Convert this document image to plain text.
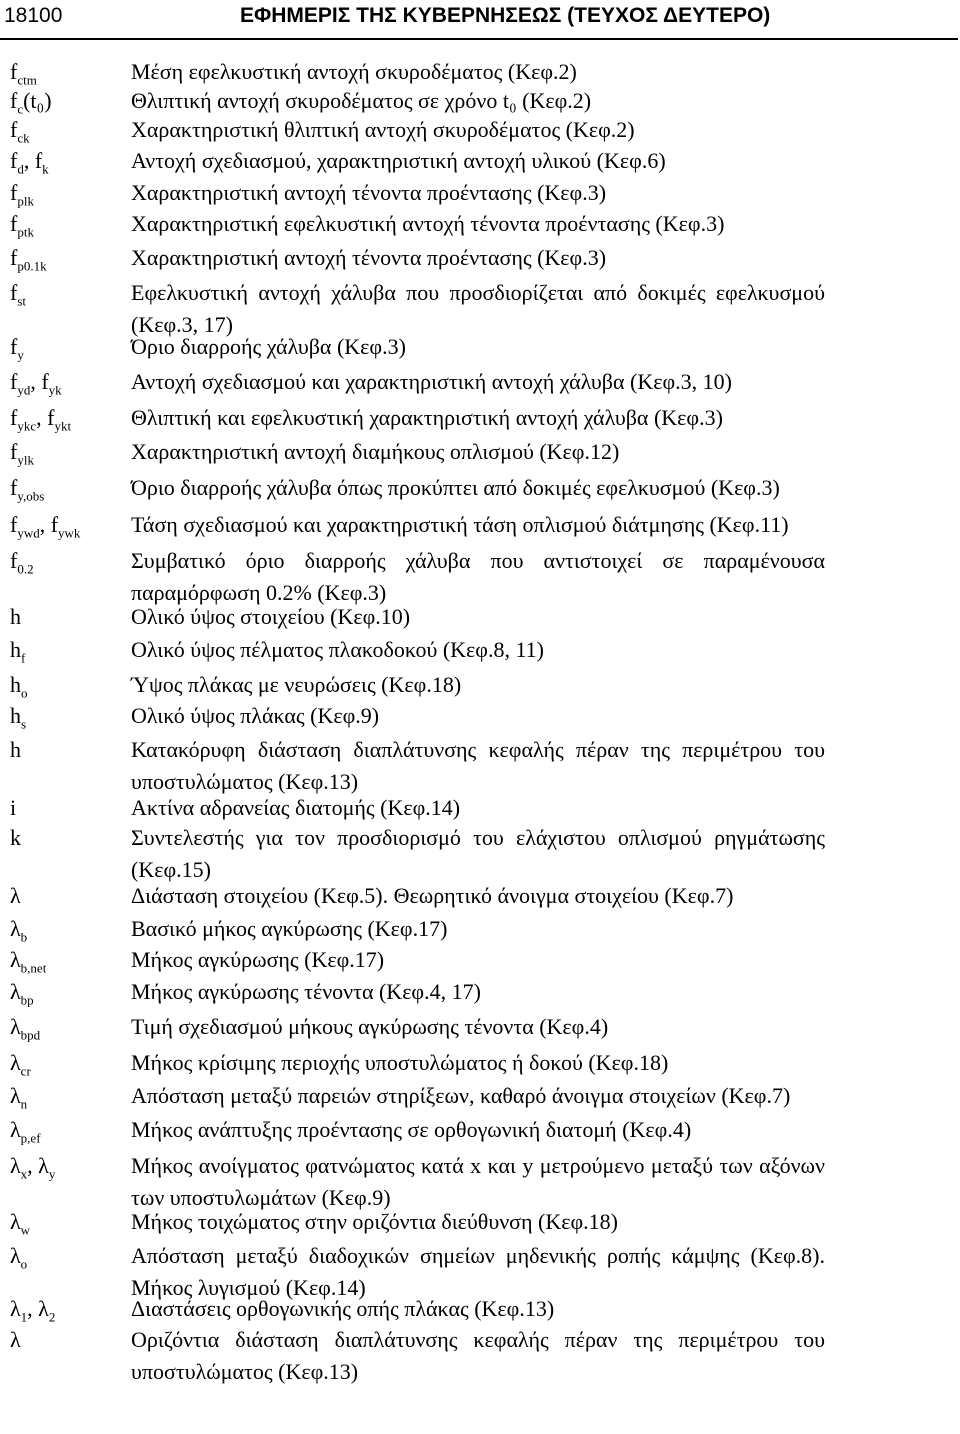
18100	ΕΦΗΜΕΡΙΣ ΤΗΣ ΚΥΒΕΡΝΗΣΕΩΣ (ΤΕΥΧΟΣ ΔΕΥΤΕΡΟ)
$f_{ctm}$	Μέση εφελκυστική αντοχή σκυροδέματος (Κεφ.2)
$f_c(t_0)$	Θλιπτική αντοχή σκυροδέματος σε χρόνο t₀ (Κεφ.2)
$f_{ck}$	Χαρακτηριστική θλιπτική αντοχή σκυροδέματος (Κεφ.2)
$f_d$, $f_k$	Αντοχή σχεδιασμού, χαρακτηριστική αντοχή υλικού (Κεφ.6)
$f_{plk}$	Χαρακτηριστική αντοχή τένοντα προέντασης (Κεφ.3)
$f_{ptk}$	Χαρακτηριστική εφελκυστική αντοχή τένοντα προέντασης (Κεφ.3)
$f_{p0.1k}$	Χαρακτηριστική αντοχή τένοντα προέντασης (Κεφ.3)
$f_{st}$	Εφελκυστική αντοχή χάλυβα που προσδιορίζεται από δοκιμές εφελκυσμού (Κεφ.3, 17)
$f_y$	Όριο διαρροής χάλυβα (Κεφ.3)
$f_{yd}$, $f_{yk}$	Αντοχή σχεδιασμού και χαρακτηριστική αντοχή χάλυβα (Κεφ.3, 10)
$f_{ykc}$, $f_{ykt}$	Θλιπτική και εφελκυστική χαρακτηριστική αντοχή χάλυβα (Κεφ.3)
$f_{ylk}$	Χαρακτηριστική αντοχή διαμήκους οπλισμού (Κεφ.12)
$f_{y,obs}$	Όριο διαρροής χάλυβα όπως προκύπτει από δοκιμές εφελκυσμού (Κεφ.3)
$f_{ywd}$, $f_{ywk}$ Τάση σχεδιασμού και χαρακτηριστική τάση οπλισμού διάτμησης (Κεφ.11)
$f_{0.2}$	Συμβατικό όριο διαρροής χάλυβα που αντιστοιχεί σε παραμένουσα παραμόρφωση 0.2% (Κεφ.3)
h	Ολικό ύψος στοιχείου (Κεφ.10)
$h_f$	Ολικό ύψος πέλματος πλακοδοκού (Κεφ.8, 11)
$h_o$	Ύψος πλάκας με νευρώσεις (Κεφ.18)
$h_s$	Ολικό ύψος πλάκας (Κεφ.9)
h	Κατακόρυφη διάσταση διαπλάτυνσης κεφαλής πέραν της περιμέτρου του υποστυλώματος (Κεφ.13)
i	Ακτίνα αδρανείας διατομής (Κεφ.14)
k	Συντελεστής για τον προσδιορισμό του ελάχιστου οπλισμού ρηγμάτωσης (Κεφ.15)
λ	Διάσταση στοιχείου (Κεφ.5). Θεωρητικό άνοιγμα στοιχείου (Κεφ.7)
$\lambda_b$	Βασικό μήκος αγκύρωσης (Κεφ.17)
$\lambda_{b,net}$	Μήκος αγκύρωσης (Κεφ.17)
$\lambda_{bp}$	Μήκος αγκύρωσης τένοντα (Κεφ.4, 17)
$\lambda_{bpd}$	Τιμή σχεδιασμού μήκους αγκύρωσης τένοντα (Κεφ.4)
$\lambda_{cr}$	Μήκος κρίσιμης περιοχής υποστυλώματος ή δοκού (Κεφ.18)
$\lambda_n$	Απόσταση μεταξύ παρειών στηρίξεων, καθαρό άνοιγμα στοιχείων (Κεφ.7)
$\lambda_{p,ef}$	Μήκος ανάπτυξης προέντασης σε ορθογωνική διατομή (Κεφ.4)
$\lambda_x$, $\lambda_y$	Μήκος ανοίγματος φατνώματος κατά x και y μετρούμενο μεταξύ των αξόνων των υποστυλωμάτων (Κεφ.9)
$\lambda_w$	Μήκος τοιχώματος στην οριζόντια διεύθυνση (Κεφ.18)
$\lambda_o$	Απόσταση μεταξύ διαδοχικών σημείων μηδενικής ροπής κάμψης (Κεφ.8). Μήκος λυγισμού (Κεφ.14)
$\lambda_1$, $\lambda_2$	Διαστάσεις ορθογωνικής οπής πλάκας (Κεφ.13)
λ	Οριζόντια διάσταση διαπλάτυνσης κεφαλής πέραν της περιμέτρου του υποστυλώματος (Κεφ.13)
